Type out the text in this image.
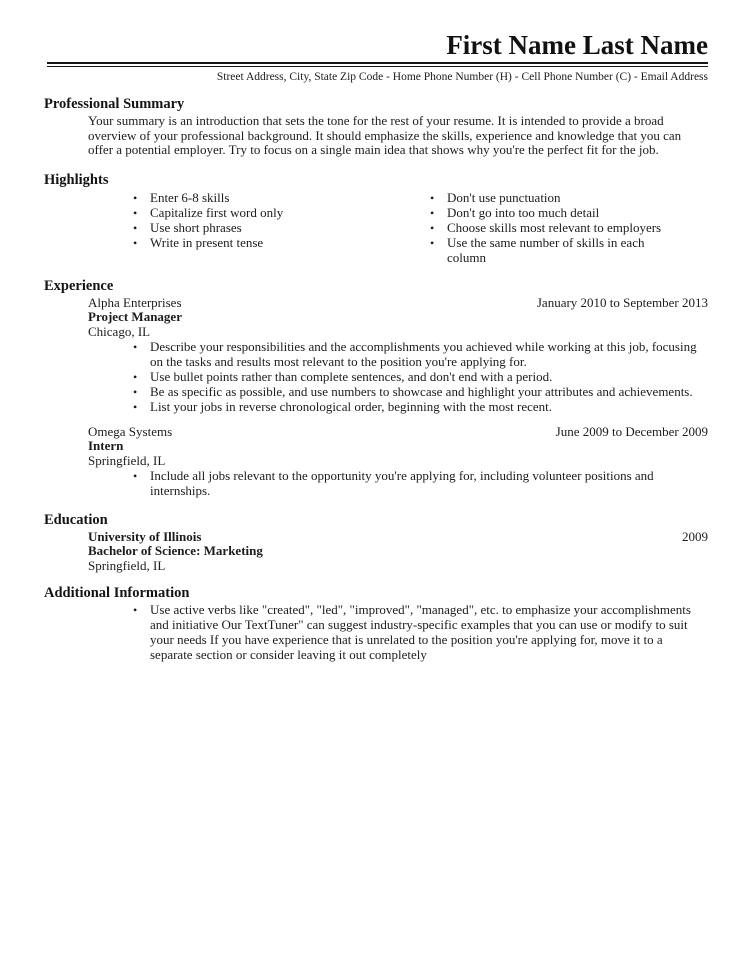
First Name Last Name
Street Address, City, State Zip Code - Home Phone Number (H) - Cell Phone Number (C) - Email Address
Professional Summary

Your summary is an introduction that sets the tone for the rest of your resume. It is intended to provide a broad overview of your professional background. It should emphasize the skills, experience and knowledge that you can offer a potential employer. Try to focus on a single main idea that shows why you're the perfect fit for the job.

Highlights
• Enter 6-8 skills
• Capitalize first word only
• Use short phrases
• Write in present tense
• Don't use punctuation
• Don't go into too much detail
• Choose skills most relevant to employers
• Use the same number of skills in each column
Experience
Alpha Enterprises	January 2010 to September 2013
Project Manager
Chicago, IL
• Describe your responsibilities and the accomplishments you achieved while working at this job, focusing on the tasks and results most relevant to the position you're applying for.
• Use bullet points rather than complete sentences, and don't end with a period.
• Be as specific as possible, and use numbers to showcase and highlight your attributes and achievements.
• List your jobs in reverse chronological order, beginning with the most recent.
Omega Systems	June 2009 to December 2009
Intern
Springfield, IL
• Include all jobs relevant to the opportunity you're applying for, including volunteer positions and internships.
Education
University of Illinois	2009
Bachelor of Science: Marketing
Springfield, IL
Additional Information
• Use active verbs like "created", "led", "improved", "managed", etc. to emphasize your accomplishments and initiative Our TextTuner" can suggest industry-specific examples that you can use or modify to suit your needs If you have experience that is unrelated to the position you're applying for, move it to a separate section or consider leaving it out completely
